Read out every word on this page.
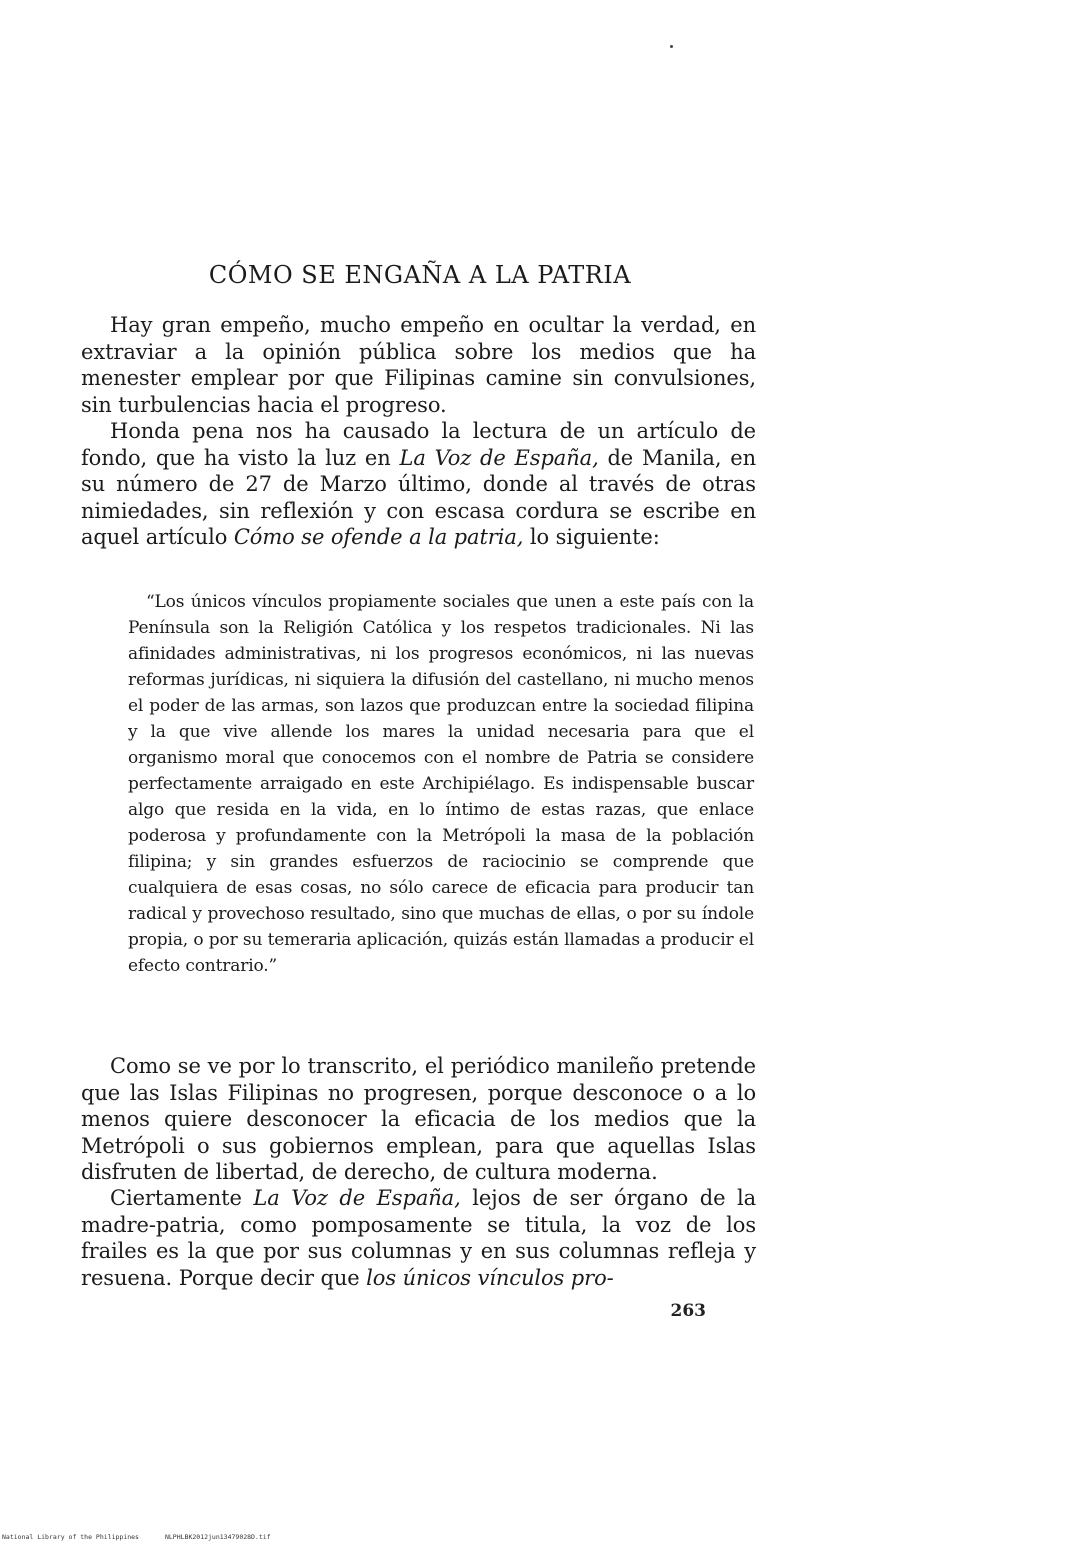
CÓMO SE ENGAÑA A LA PATRIA

Hay gran empeño, mucho empeño en ocultar la verdad, en extraviar a la opinión pública sobre los medios que ha menester emplear por que Filipinas camine sin convulsiones, sin turbulencias hacia el progreso.

Honda pena nos ha causado la lectura de un artículo de fondo, que ha visto la luz en La Voz de España, de Manila, en su número de 27 de Marzo último, donde al través de otras nimiedades, sin reflexión y con escasa cordura se escribe en aquel artículo Cómo se ofende a la patria, lo siguiente:

“Los únicos vínculos propiamente sociales que unen a este país con la Península son la Religión Católica y los respetos tradicionales. Ni las afinidades administrativas, ni los progresos económicos, ni las nuevas reformas jurídicas, ni siquiera la difusión del castellano, ni mucho menos el poder de las armas, son lazos que produzcan entre la sociedad filipina y la que vive allende los mares la unidad necesaria para que el organismo moral que conocemos con el nombre de Patria se considere perfectamente arraigado en este Archipiélago. Es indispensable buscar algo que resida en la vida, en lo íntimo de estas razas, que enlace poderosa y profundamente con la Metrópoli la masa de la población filipina; y sin grandes esfuerzos de raciocinio se comprende que cualquiera de esas cosas, no sólo carece de eficacia para producir tan radical y provechoso resultado, sino que muchas de ellas, o por su índole propia, o por su temeraria aplicación, quizás están llamadas a producir el efecto contrario.”

Como se ve por lo transcrito, el periódico manileño pretende que las Islas Filipinas no progresen, porque desconoce o a lo menos quiere desconocer la eficacia de los medios que la Metrópoli o sus gobiernos emplean, para que aquellas Islas disfruten de libertad, de derecho, de cultura moderna.

Ciertamente La Voz de España, lejos de ser órgano de la madre-patria, como pomposamente se titula, la voz de los frailes es la que por sus columnas y en sus columnas refleja y resuena. Porque decir que los únicos vínculos pro-

263
National Library of the Philippines	NLPHLBK2012jun13479028D.tif
